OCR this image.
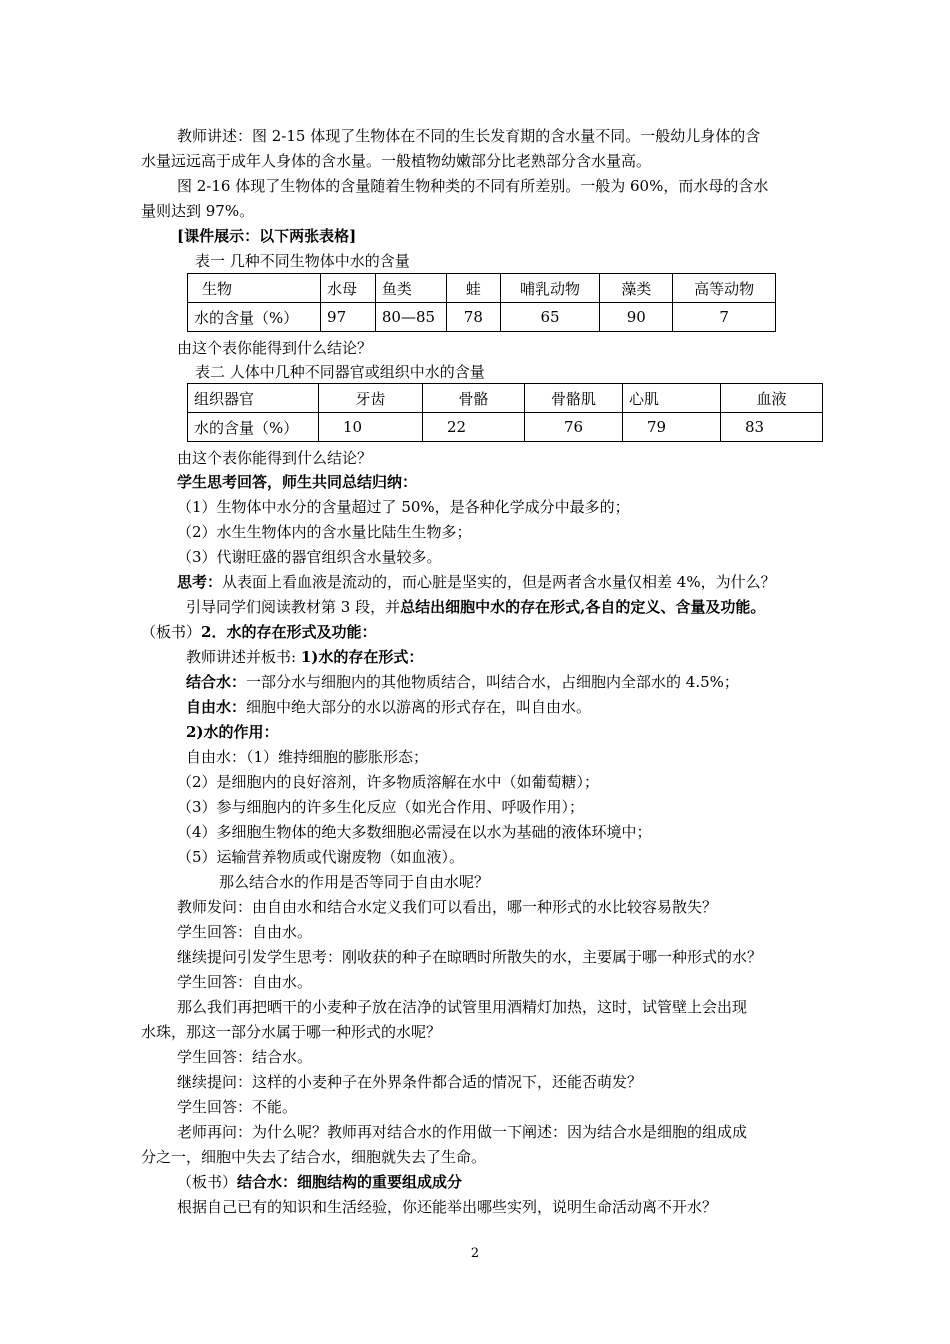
教师讲述：图 2-15 体现了生物体在不同的生长发育期的含水量不同。一般幼儿身体的含
水量远远高于成年人身体的含水量。一般植物幼嫩部分比老熟部分含水量高。
图 2-16 体现了生物体的含量随着生物种类的不同有所差别。一般为 60%，而水母的含水
量则达到 97%。
[课件展示：以下两张表格]
表一 几种不同生物体中水的含量
生物	水母	鱼类	蛙	哺乳动物	藻类	高等动物
水的含量（%）	97	80—85	78	65	90	7
由这个表你能得到什么结论？
表二 人体中几种不同器官或组织中水的含量
组织器官	牙齿	骨骼	骨骼肌	心肌	血液
水的含量（%）	10	22	76	79	83
由这个表你能得到什么结论？
学生思考回答，师生共同总结归纳：
（1）生物体中水分的含量超过了 50%，是各种化学成分中最多的；
（2）水生生物体内的含水量比陆生生物多；
（3）代谢旺盛的器官组织含水量较多。
思考：从表面上看血液是流动的，而心脏是坚实的，但是两者含水量仅相差 4%，为什么？
引导同学们阅读教材第 3 段，并总结出细胞中水的存在形式,各自的定义、含量及功能。
（板书）2．水的存在形式及功能：
教师讲述并板书: 1)水的存在形式：
结合水：一部分水与细胞内的其他物质结合，叫结合水，占细胞内全部水的 4.5%；
自由水：细胞中绝大部分的水以游离的形式存在，叫自由水。
2)水的作用：
自由水：（1）维持细胞的膨胀形态；
（2）是细胞内的良好溶剂，许多物质溶解在水中（如葡萄糖）；
（3）参与细胞内的许多生化反应（如光合作用、呼吸作用）；
（4）多细胞生物体的绝大多数细胞必需浸在以水为基础的液体环境中；
（5）运输营养物质或代谢废物（如血液）。
那么结合水的作用是否等同于自由水呢？
教师发问：由自由水和结合水定义我们可以看出，哪一种形式的水比较容易散失？
学生回答：自由水。
继续提问引发学生思考：刚收获的种子在晾晒时所散失的水，主要属于哪一种形式的水？
学生回答：自由水。
那么我们再把晒干的小麦种子放在洁净的试管里用酒精灯加热，这时，试管壁上会出现
水珠，那这一部分水属于哪一种形式的水呢？
学生回答：结合水。
继续提问：这样的小麦种子在外界条件都合适的情况下，还能否萌发？
学生回答：不能。
老师再问：为什么呢？教师再对结合水的作用做一下阐述：因为结合水是细胞的组成成
分之一，细胞中失去了结合水，细胞就失去了生命。
（板书）结合水：细胞结构的重要组成成分
根据自己已有的知识和生活经验，你还能举出哪些实列，说明生命活动离不开水？
2
